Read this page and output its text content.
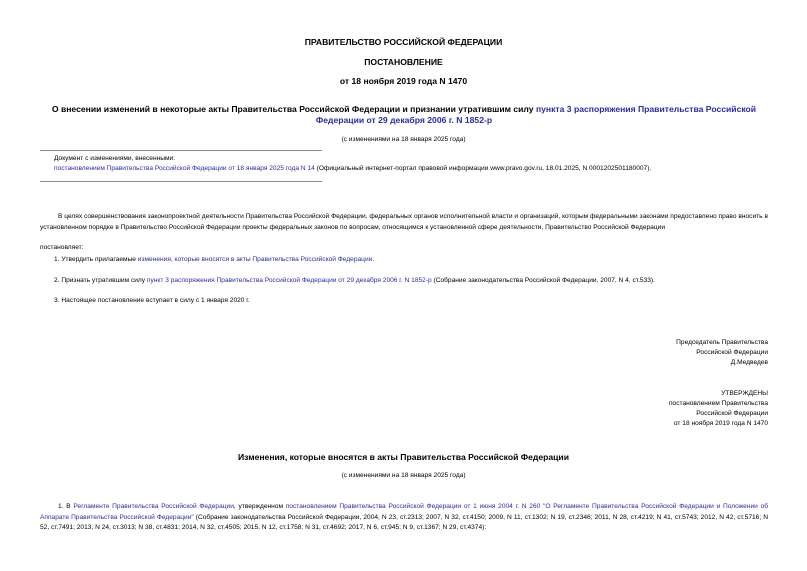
ПРАВИТЕЛЬСТВО РОССИЙСКОЙ ФЕДЕРАЦИИ
ПОСТАНОВЛЕНИЕ
от 18 ноября 2019 года N 1470
О внесении изменений в некоторые акты Правительства Российской Федерации и признании утратившим силу пункта 3 распоряжения Правительства Российской
Федерации от 29 декабря 2006 г. N 1852-р
(с изменениями на 18 января 2025 года)
Документ с изменениями, внесенными:
постановлением Правительства Российской Федерации от 18 января 2025 года N 14 (Официальный интернет-портал правовой информации www.pravo.gov.ru, 18.01.2025, N 0001202501180007).
В целях совершенствования законопроектной деятельности Правительства Российской Федерации, федеральных органов исполнительной власти и организаций, которым федеральными законами предоставлено право вносить в установленном порядке в Правительство Российской Федерации проекты федеральных законов по вопросам, относящимся к установленной сфере деятельности, Правительство Российской Федерации
постановляет:
1. Утвердить прилагаемые изменения, которые вносятся в акты Правительства Российской Федерации.
2. Признать утратившим силу пункт 3 распоряжения Правительства Российской Федерации от 29 декабря 2006 г. N 1852-р (Собрание законодательства Российской Федерации, 2007, N 4, ст.533).
3. Настоящее постановление вступает в силу с 1 января 2020 г.
Председатель Правительства
Российской Федерации
Д.Медведев
УТВЕРЖДЕНЫ
постановлением Правительства
Российской Федерации
от 18 ноября 2019 года N 1470
Изменения, которые вносятся в акты Правительства Российской Федерации
(с изменениями на 18 января 2025 года)
1. В Регламенте Правительства Российской Федерации, утвержденном постановлением Правительства Российской Федерации от 1 июня 2004 г. N 260 "О Регламенте Правительства Российской Федерации и Положении об Аппарате Правительства Российской Федерации" (Собрание законодательства Российской Федерации, 2004, N 23, ст.2313; 2007, N 32, ст.4150; 2009, N 11, ст.1302; N 19, ст.2346; 2011, N 28, ст.4219; N 41, ст.5743; 2012, N 42, ст.5716; N 52, ст.7491; 2013, N 24, ст.3013; N 38, ст.4831; 2014, N 32, ст.4505; 2015, N 12, ст.1758; N 31, ст.4692; 2017, N 6, ст.945; N 9, ст.1367; N 29, ст.4374):
